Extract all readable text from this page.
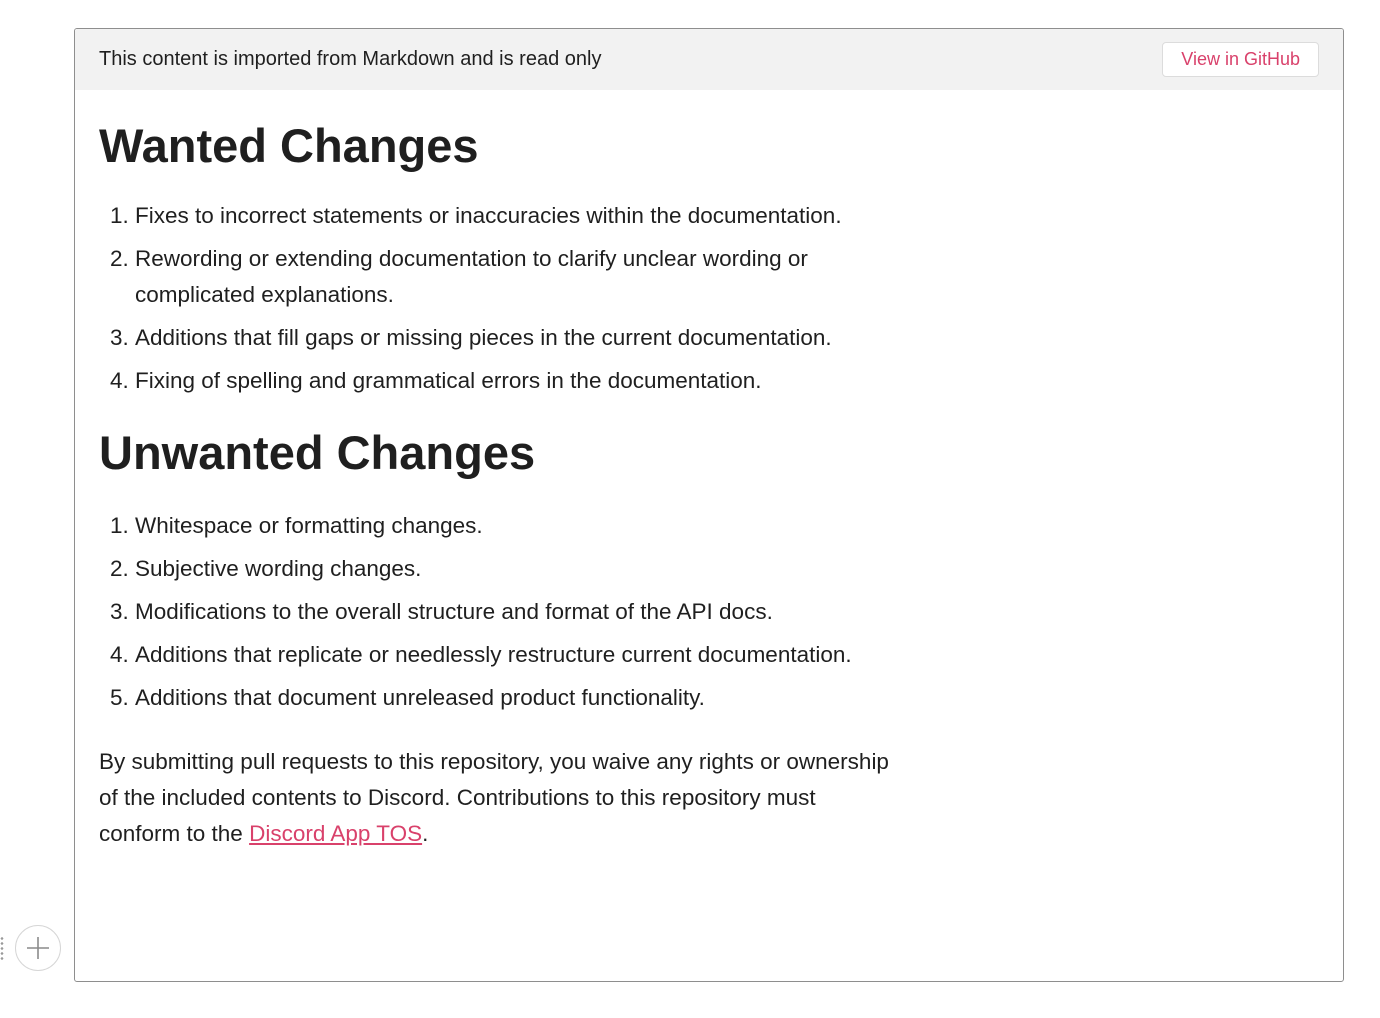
This content is imported from Markdown and is read only	View in GitHub
Wanted Changes
1. Fixes to incorrect statements or inaccuracies within the documentation.
2. Rewording or extending documentation to clarify unclear wording or complicated explanations.
3. Additions that fill gaps or missing pieces in the current documentation.
4. Fixing of spelling and grammatical errors in the documentation.
Unwanted Changes
1. Whitespace or formatting changes.
2. Subjective wording changes.
3. Modifications to the overall structure and format of the API docs.
4. Additions that replicate or needlessly restructure current documentation.
5. Additions that document unreleased product functionality.

By submitting pull requests to this repository, you waive any rights or ownership of the included contents to Discord. Contributions to this repository must conform to the Discord App TOS.
